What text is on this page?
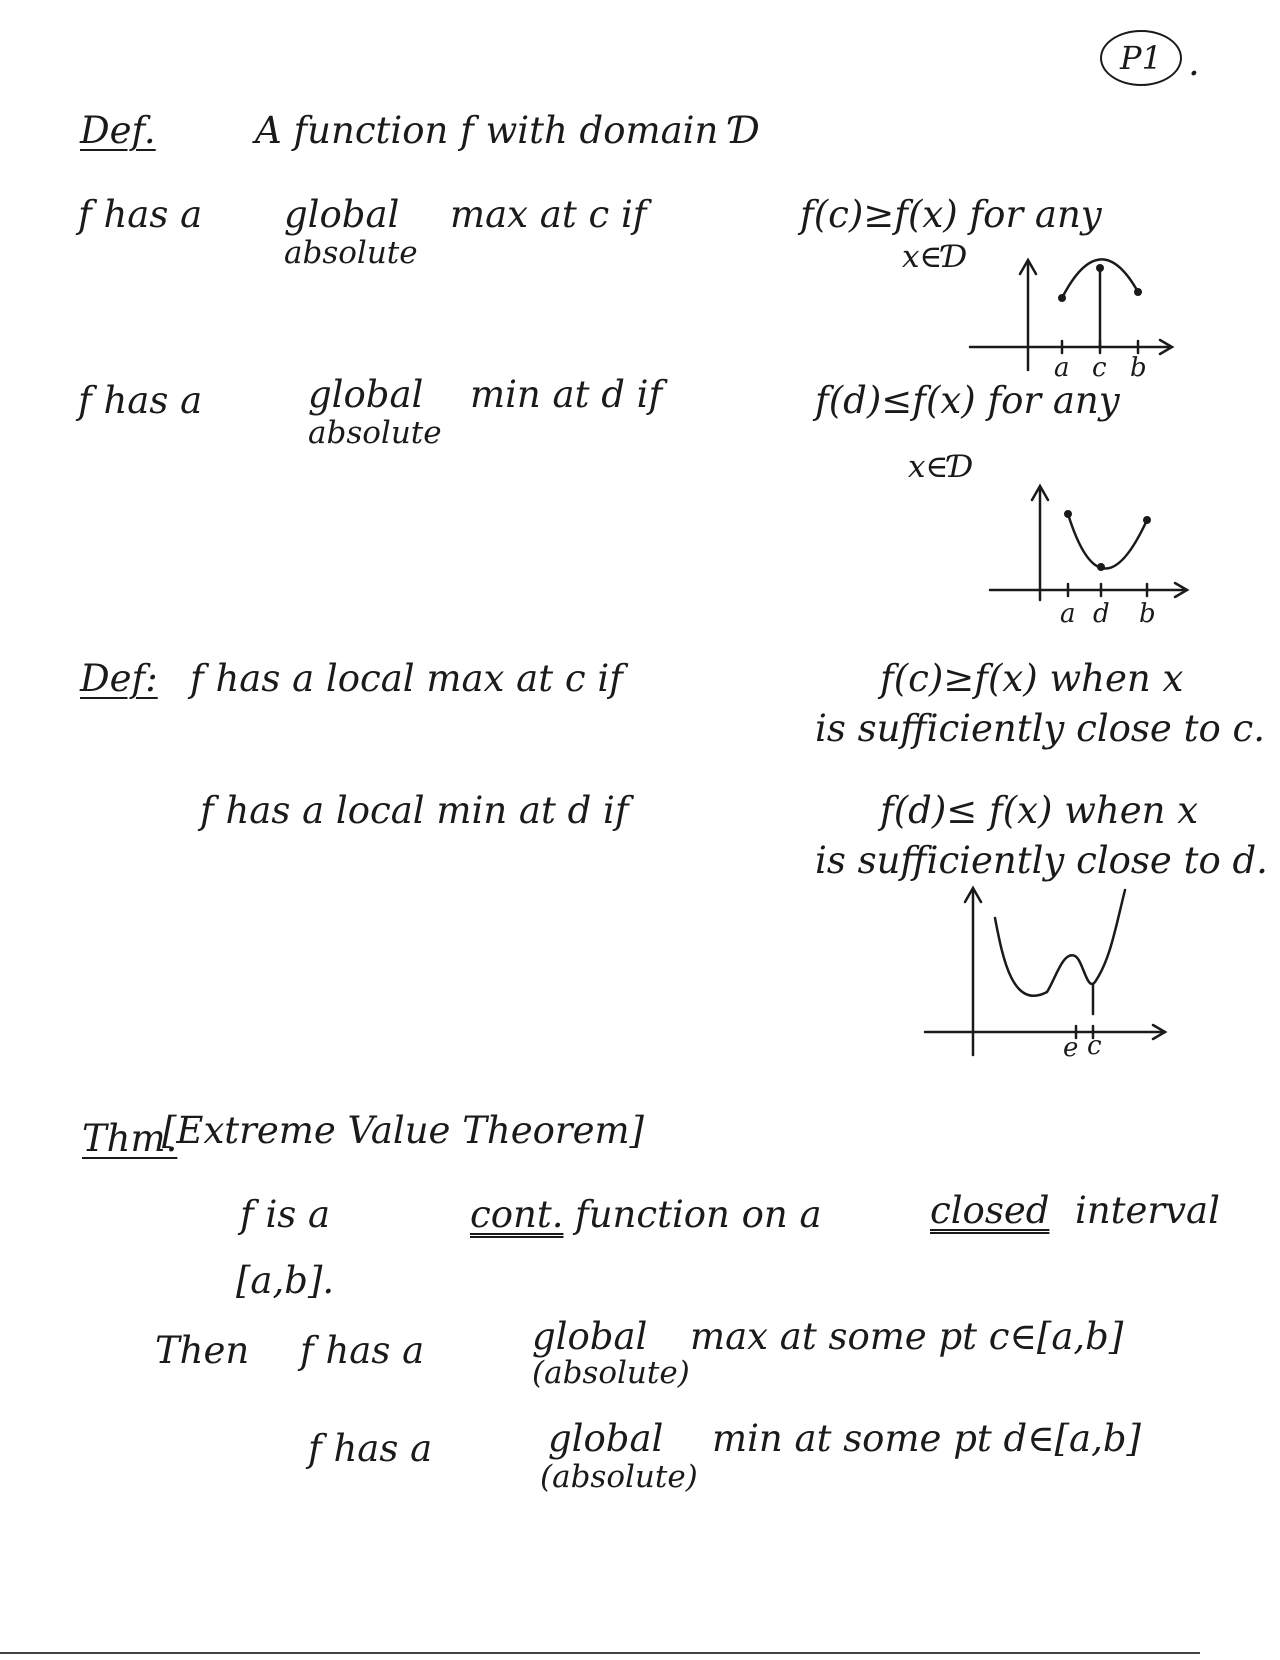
P1 .
Def.	A function f with domain Ɗ
f has a global
absolute
max at c if	f(c)≥f(x) for any
x∈Ɗ
a c b
f has a	global
absolute
min at d if	f(d)≤f(x) for any
x∈Ɗ
a d b
Def: f has a local max at c if	f(c)≥f(x) when x
is sufficiently close to c.
f has a local min at d if	f(d)≤ f(x) when x
is sufficiently close to d.
e c
Thm.
[Extreme Value Theorem]
f is a	cont. function on a	closed interval
[a,b].
Then f has a	global
(absolute)
max at some pt c∈[a,b]
f has a	global
(absolute)
min at some pt d∈[a,b]
